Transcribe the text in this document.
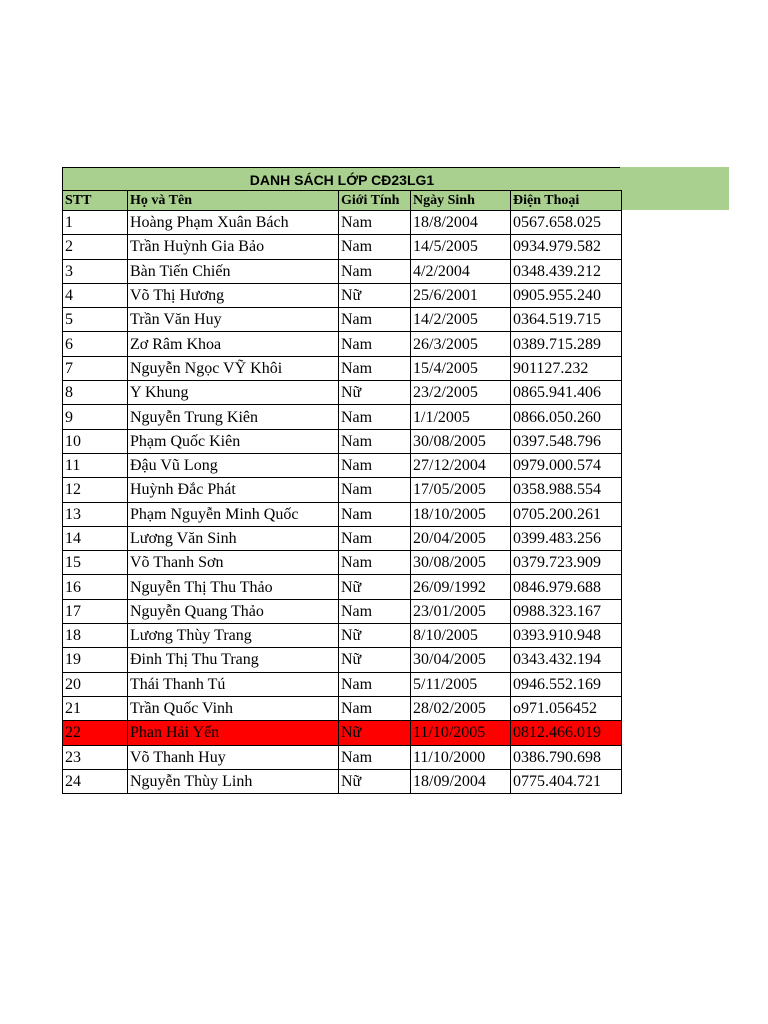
DANH SÁCH LỚP CĐ23LG1
STT	Họ và Tên	Giới Tính	Ngày Sinh	Điện Thoại
1	Hoàng Phạm Xuân Bách	Nam	18/8/2004	0567.658.025
2	Trần Huỳnh Gia Bảo	Nam	14/5/2005	0934.979.582
3	Bàn Tiến Chiến	Nam	4/2/2004	0348.439.212
4	Võ Thị Hương	Nữ	25/6/2001	0905.955.240
5	Trần Văn Huy	Nam	14/2/2005	0364.519.715
6	Zơ Râm Khoa	Nam	26/3/2005	0389.715.289
7	Nguyễn Ngọc VỸ Khôi	Nam	15/4/2005	901127.232
8	Y Khung	Nữ	23/2/2005	0865.941.406
9	Nguyễn Trung Kiên	Nam	1/1/2005	0866.050.260
10	Phạm Quốc Kiên	Nam	30/08/2005	0397.548.796
11	Đậu Vũ Long	Nam	27/12/2004	0979.000.574
12	Huỳnh Đắc Phát	Nam	17/05/2005	0358.988.554
13	Phạm Nguyễn Minh Quốc	Nam	18/10/2005	0705.200.261
14	Lương Văn Sinh	Nam	20/04/2005	0399.483.256
15	Võ Thanh Sơn	Nam	30/08/2005	0379.723.909
16	Nguyễn Thị Thu Thảo	Nữ	26/09/1992	0846.979.688
17	Nguyễn Quang Thảo	Nam	23/01/2005	0988.323.167
18	Lương Thùy Trang	Nữ	8/10/2005	0393.910.948
19	Đinh Thị Thu Trang	Nữ	30/04/2005	0343.432.194
20	Thái Thanh Tú	Nam	5/11/2005	0946.552.169
21	Trần Quốc Vinh	Nam	28/02/2005	o971.056452
22	Phan Hải Yến	Nữ	11/10/2005	0812.466.019
23	Võ Thanh Huy	Nam	11/10/2000	0386.790.698
24	Nguyễn Thùy Linh	Nữ	18/09/2004	0775.404.721
